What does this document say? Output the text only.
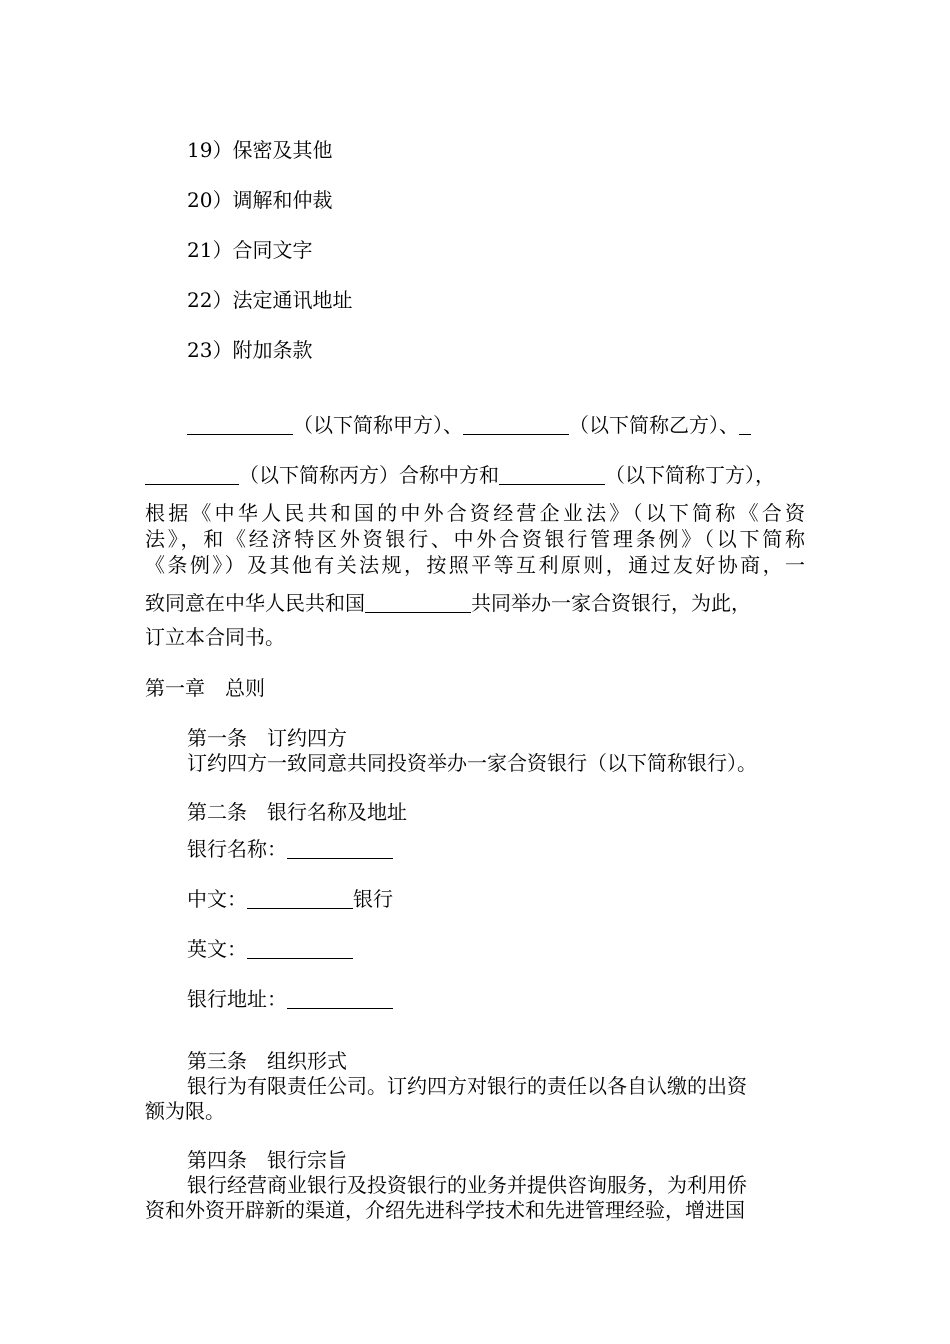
19）保密及其他
20）调解和仲裁
21）合同文字
22）法定通讯地址
23）附加条款
（以下简称甲方）、	（以下简称乙方）、
（以下简称丙方）合称中方和	（以下简称丁方），
根据《中华人民共和国的中外合资经营企业法》（以下简称《合资
法》，和《经济特区外资银行、中外合资银行管理条例》（以下简称
《条例》）及其他有关法规，按照平等互利原则，通过友好协商，一
致同意在中华人民共和国	共同举办一家合资银行，为此，
订立本合同书。
第一章　总则
第一条　订约四方
订约四方一致同意共同投资举办一家合资银行（以下简称银行）。
第二条　银行名称及地址
银行名称：
中文：	银行
英文：
银行地址：
第三条　组织形式
银行为有限责任公司。订约四方对银行的责任以各自认缴的出资
额为限。
第四条　银行宗旨
银行经营商业银行及投资银行的业务并提供咨询服务，为利用侨
资和外资开辟新的渠道，介绍先进科学技术和先进管理经验，增进国
